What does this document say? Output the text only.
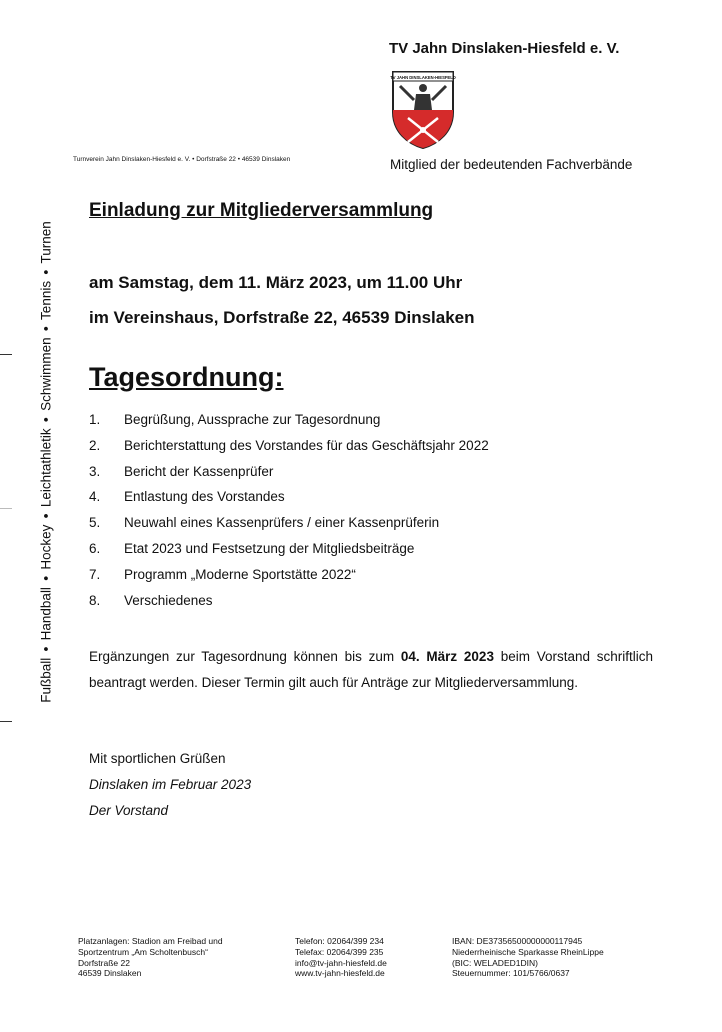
TV Jahn Dinslaken-Hiesfeld e. V.
TV JAHN DINSLAKEN-HIESFELD
Mitglied der bedeutenden Fachverbände
Turnverein Jahn Dinslaken-Hiesfeld e. V. • Dorfstraße 22 • 46539 Dinslaken
Fußball●Handball●Hockey●Leichtathletik●Schwimmen●Tennis●Turnen
Einladung zur Mitgliederversammlung
am Samstag, dem 11. März 2023, um 11.00 Uhr
im Vereinshaus, Dorfstraße 22, 46539 Dinslaken
Tagesordnung:
1.	Begrüßung, Aussprache zur Tagesordnung
2.	Berichterstattung des Vorstandes für das Geschäftsjahr 2022
3.	Bericht der Kassenprüfer
4.	Entlastung des Vorstandes
5.	Neuwahl eines Kassenprüfers / einer Kassenprüferin
6.	Etat 2023 und Festsetzung der Mitgliedsbeiträge
7.	Programm „Moderne Sportstätte 2022“
8.	Verschiedenes

Ergänzungen zur Tagesordnung können bis zum 04. März 2023 beim Vorstand schriftlich beantragt werden. Dieser Termin gilt auch für Anträge zur Mitgliederversammlung.

Mit sportlichen Grüßen
Dinslaken im Februar 2023
Der Vorstand
Platzanlagen: Stadion am Freibad und
Sportzentrum „Am Scholtenbusch“
Dorfstraße 22
46539 Dinslaken
Telefon: 02064/399 234
Telefax: 02064/399 235
info@tv-jahn-hiesfeld.de
www.tv-jahn-hiesfeld.de
IBAN: DE37356500000000117945
Niederrheinische Sparkasse RheinLippe
(BIC: WELADED1DIN)
Steuernummer: 101/5766/0637
